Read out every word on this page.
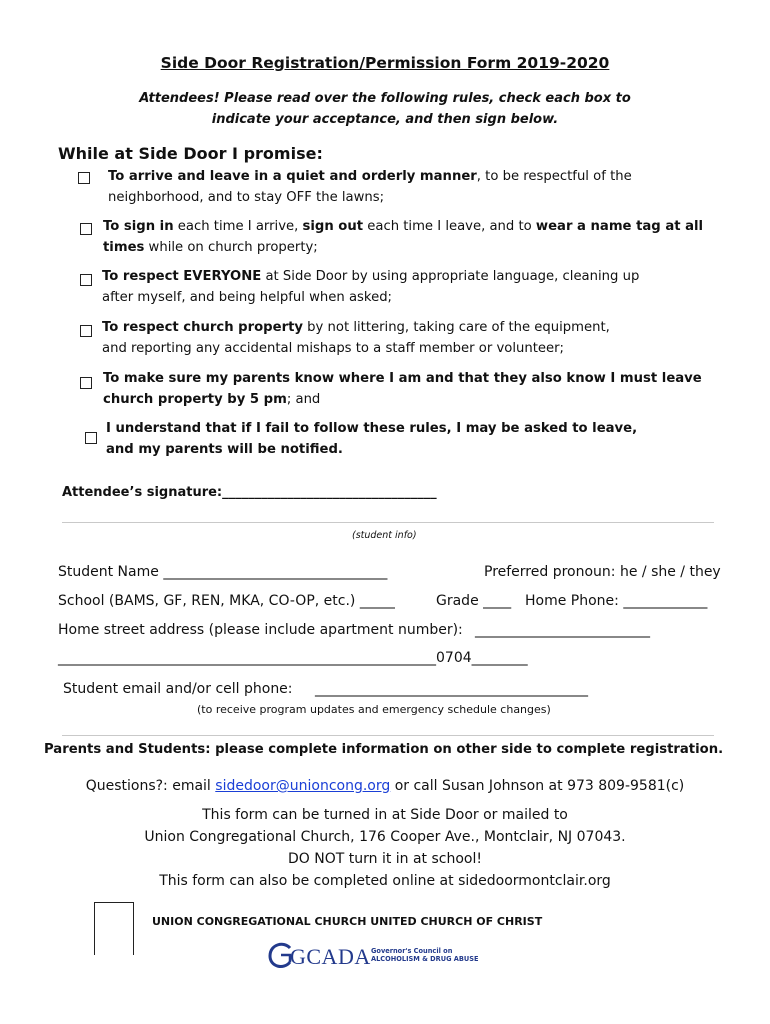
Side Door Registration/Permission Form 2019-2020
Attendees! Please read over the following rules, check each box to
indicate your acceptance, and then sign below.
While at Side Door I promise:
To arrive and leave in a quiet and orderly manner, to be respectful of the
neighborhood, and to stay OFF the lawns;
To sign in each time I arrive, sign out each time I leave, and to wear a name tag at all
times while on church property;
To respect EVERYONE at Side Door by using appropriate language, cleaning up
after myself, and being helpful when asked;
To respect church property by not littering, taking care of the equipment,
and reporting any accidental mishaps to a staff member or volunteer;
To make sure my parents know where I am and that they also know I must leave
church property by 5 pm; and
I understand that if I fail to follow these rules, I may be asked to leave,
and my parents will be notified.
Attendee’s signature:_________________________________
(student info)
Student Name ________________________________	Preferred pronoun: he / she / they
School (BAMS, GF, REN, MKA, CO-OP, etc.) _____	Grade ____ Home Phone: ____________
Home street address (please include apartment number): _________________________
______________________________________________________0704________
Student email and/or cell phone: _______________________________________
(to receive program updates and emergency schedule changes)
Parents and Students: please complete information on other side to complete registration.
Questions?: email sidedoor@unioncong.org or call Susan Johnson at 973 809-9581(c)
This form can be turned in at Side Door or mailed to
Union Congregational Church, 176 Cooper Ave., Montclair, NJ 07043.
DO NOT turn it in at school!
This form can also be completed online at sidedoormontclair.org
UNION CONGREGATIONAL CHURCH UNITED CHURCH OF CHRIST
GCADA Governor's Council on
ALCOHOLISM & DRUG ABUSE
